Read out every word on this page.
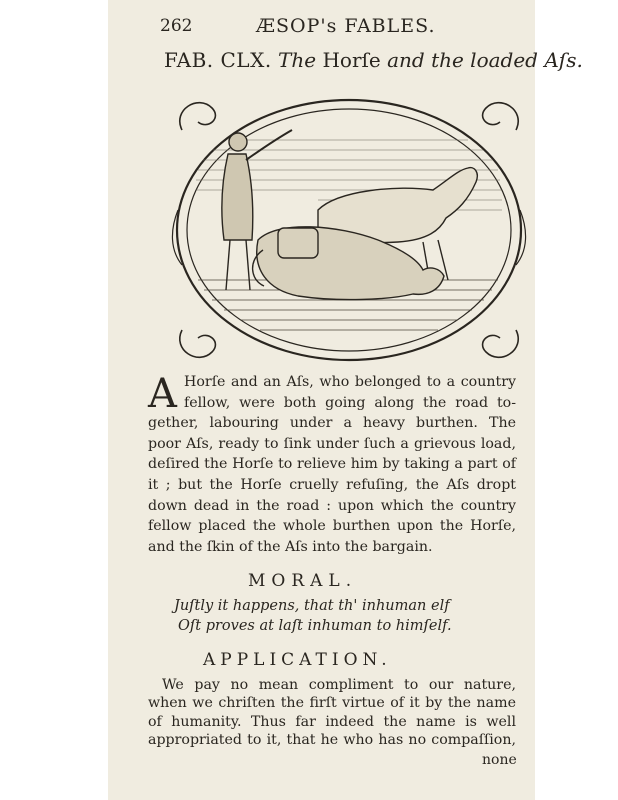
262	ÆSOP's FABLES.
FAB. CLX. The Horſe and the loaded Aſs.
A Horſe and an Aſs, who belonged to a country
fellow, were both going along the road to-
gether, labouring under a heavy burthen. The
poor Aſs, ready to ſink under ſuch a grievous load,
deſired the Horſe to relieve him by taking a part of
it ; but the Horſe cruelly refuſing, the Aſs dropt
down dead in the road : upon which the country
fellow placed the whole burthen upon the Horſe,
and the ſkin of the Aſs into the bargain.
MORAL.
Juſtly it happens, that th' inhuman elf
Oſt proves at laſt inhuman to himſelf.
APPLICATION.
We pay no mean compliment to our nature,
when we chriſten the firſt virtue of it by the name
of humanity. Thus far indeed the name is well
appropriated to it, that he who has no compaſſion,
none
